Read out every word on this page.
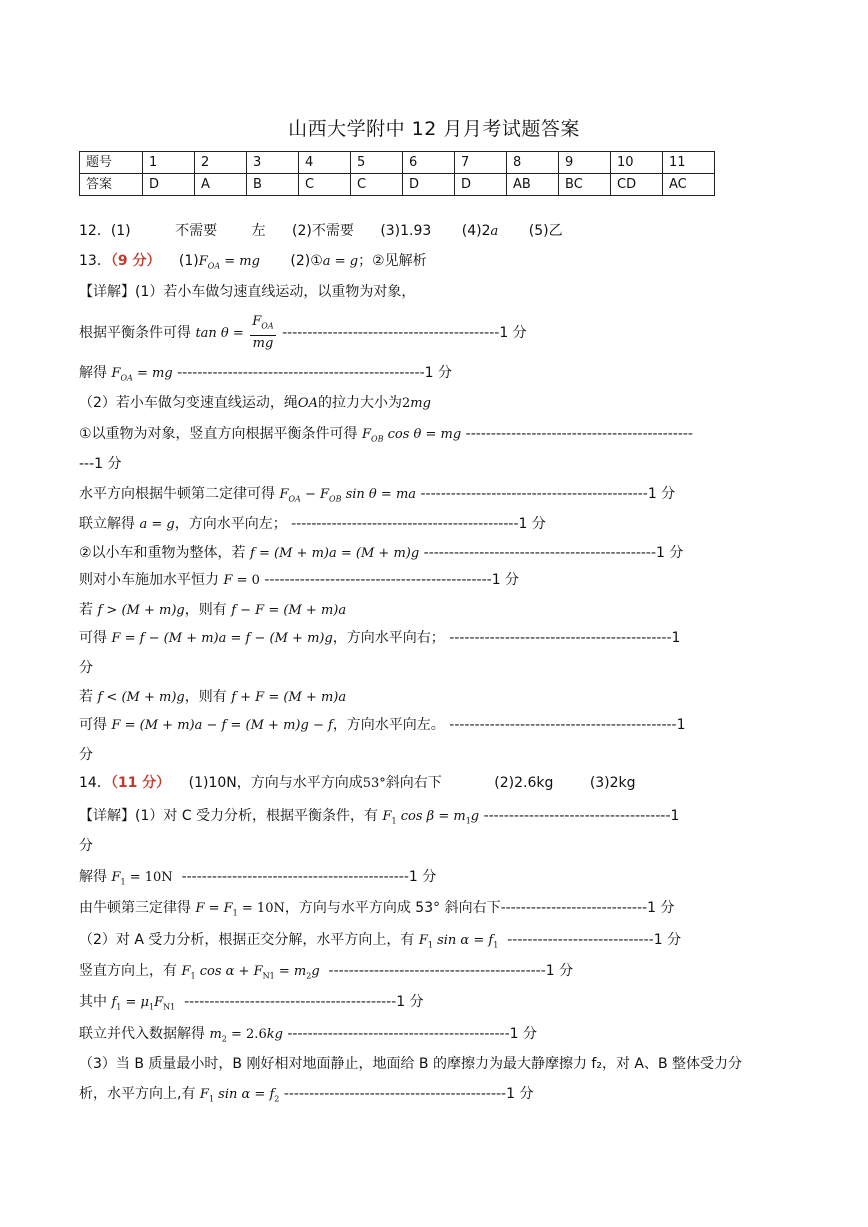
山西大学附中 12 月月考试题答案
题号	1	2	3	4	5	6	7	8	9	10	11
答案	D	A	B	C	C	D	D	AB	BC	CD	AC
12．(1)	不需要 左 (2)不需要 (3)1.93 (4)2a (5)乙
13．（9 分） $(1)F_{OA}$ = mg (2)①a = g；②见解析
【详解】(1）若小车做匀速直线运动，以重物为对象，
根据平衡条件可得 $\tan \theta = \frac{F_{OA}}{mg} -------------------------------------------1$ 分
解得 $F_{OA}$ = mg -------------------------------------------------1 分
（2）若小车做匀变速直线运动，绳OA的拉力大小为2mg
①以重物为对象，竖直方向根据平衡条件可得 $F_{OB}$ cos θ = mg ---------------------------------------------
---1 分
水平方向根据牛顿第二定律可得 $F_{OA} - F_{OB}$ sin θ = ma ---------------------------------------------1 分
联立解得 a = g，方向水平向左； ---------------------------------------------1 分
②以小车和重物为整体，若 f = (M + m)a = (M + m)g ----------------------------------------------1 分
则对小车施加水平恒力 F = 0 ---------------------------------------------1 分
若 f > (M + m)g，则有 f − F = (M + m)a
可得 F = f − (M + m)a = f − (M + m)g，方向水平向右； --------------------------------------------1
分
若 f < (M + m)g，则有 f + F = (M + m)a
可得 F = (M + m)a − f = (M + m)g − f，方向水平向左。 ---------------------------------------------1
分
14．（11 分） (1)10N，方向与水平方向成53°斜向右下	(2)2.6kg	(3)2kg
【详解】(1）对 C 受力分析，根据平衡条件，有 $F_1$ $\cos \beta = m_1g$ -------------------------------------1
分
解得 $F_1 = 10N$  ---------------------------------------------1 分
由牛顿第三定律得 $F = F_1 = 10N$，方向与水平方向成 53° 斜向右下-----------------------------1 分
（2）对 A 受力分析，根据正交分解，水平方向上，有 $F_1$ $\sin \alpha = f_1$  -----------------------------1 分
竖直方向上，有 $F_1$ $\cos \alpha + F_{N1} = m_2g$  -------------------------------------------1 分
其中 $f_1 = \mu_1F_{N1}$  ------------------------------------------1 分
联立并代入数据解得 $m_2 = 2.6kg$ --------------------------------------------1 分
（3）当 B 质量最小时，B 刚好相对地面静止，地面给 B 的摩擦力为最大静摩擦力 f₂，对 A、B 整体受力分
析，水平方向上,有 $F_1$ $\sin \alpha = f_2$ --------------------------------------------1 分
